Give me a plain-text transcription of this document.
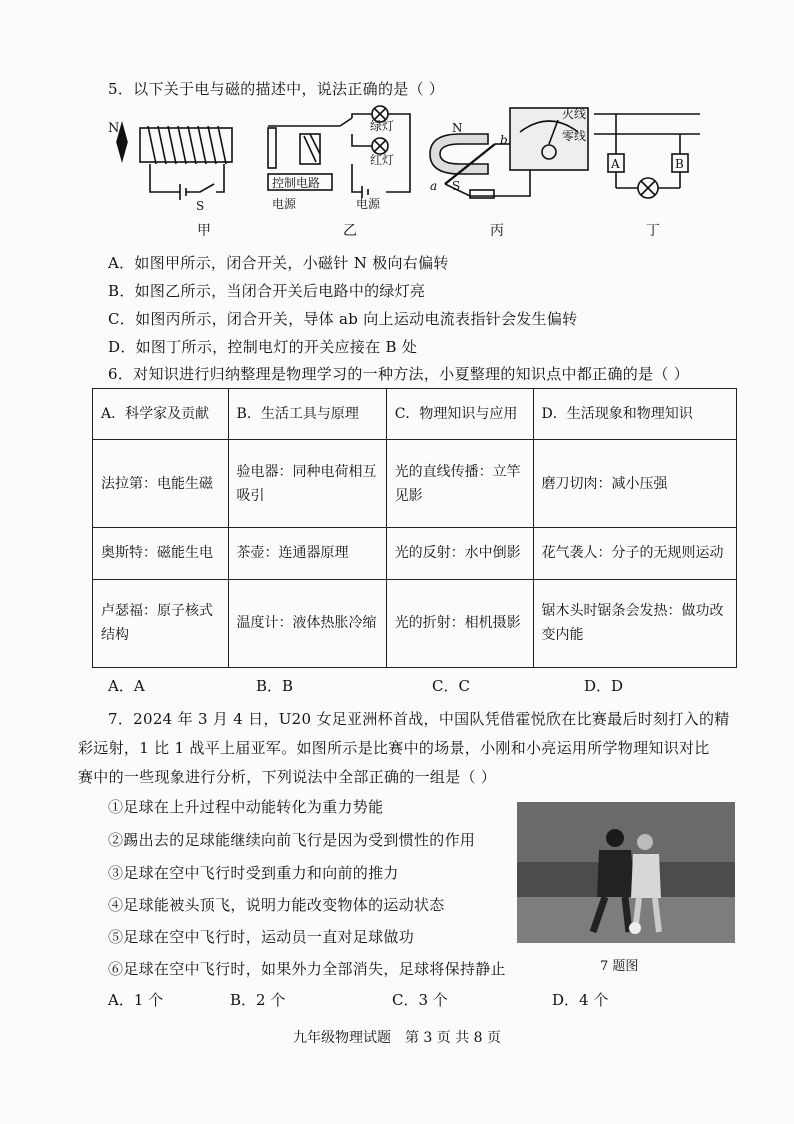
5．以下关于电与磁的描述中，说法正确的是（ ）
N
S
控制电路
电源	电源
绿灯
红灯
N
S
a
b
火线
零线
A	B
甲	乙	丙	丁
A．如图甲所示，闭合开关，小磁针 N 极向右偏转
B．如图乙所示，当闭合开关后电路中的绿灯亮
C．如图丙所示，闭合开关，导体 ab 向上运动电流表指针会发生偏转
D．如图丁所示，控制电灯的开关应接在 B 处
6．对知识进行归纳整理是物理学习的一种方法，小夏整理的知识点中都正确的是（ ）
A．科学家及贡献	B．生活工具与原理	C．物理知识与应用	D．生活现象和物理知识
法拉第：电能生磁	验电器：同种电荷相互吸引	光的直线传播：立竿见影	磨刀切肉：减小压强
奥斯特：磁能生电	茶壶：连通器原理	光的反射：水中倒影	花气袭人：分子的无规则运动
卢瑟福：原子核式结构	温度计：液体热胀冷缩	光的折射：相机摄影	锯木头时锯条会发热：做功改变内能
A．A	B．B	C．C	D．D
7．2024 年 3 月 4 日，U20 女足亚洲杯首战，中国队凭借霍悦欣在比赛最后时刻打入的精
彩远射，1 比 1 战平上届亚军。如图所示是比赛中的场景，小刚和小亮运用所学物理知识对比
赛中的一些现象进行分析，下列说法中全部正确的一组是（ ）
①足球在上升过程中动能转化为重力势能
②踢出去的足球能继续向前飞行是因为受到惯性的作用
③足球在空中飞行时受到重力和向前的推力
④足球能被头顶飞，说明力能改变物体的运动状态
⑤足球在空中飞行时，运动员一直对足球做功
⑥足球在空中飞行时，如果外力全部消失，足球将保持静止	7 题图
A．1 个	B．2 个	C．3 个	D．4 个
九年级物理试题　第 3 页 共 8 页
